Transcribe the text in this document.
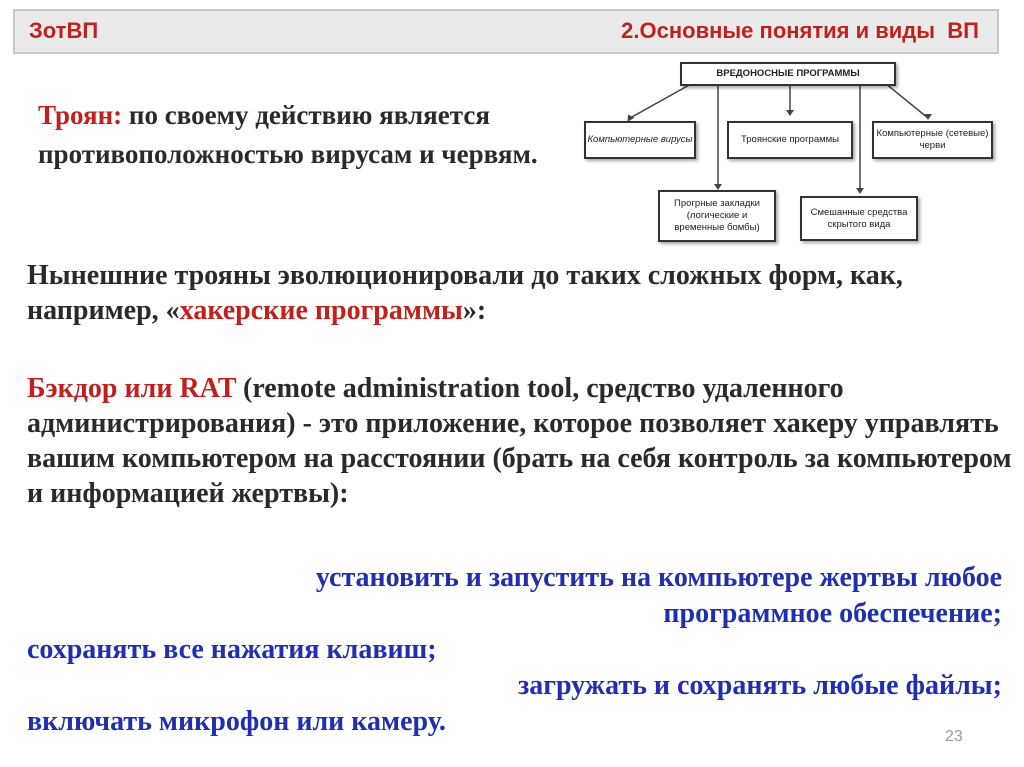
ЗотВП	2.Основные понятия и виды  ВП
Троян: по своему действию является противоположностью вирусам и червям.
ВРЕДОНОСНЫЕ ПРОГРАММЫ
Компьютерные вирусы	Троянские программы
Компьютерные (сетевые) черви
Прогрные закладки (логические и временные бомбы)
Смешанные средства скрытого вида
Нынешние трояны эволюционировали до таких сложных форм, как, например, «хакерские программы»:
Бэкдор или RAT (remote administration tool, средство удаленного администрирования) - это приложение, которое позволяет хакеру управлять вашим компьютером на расстоянии (брать на себя контроль за компьютером и информацией жертвы):
установить и запустить на компьютере жертвы любое
программное обеспечение;
сохранять все нажатия клавиш;
загружать и сохранять любые файлы;
включать микрофон или камеру.	23
